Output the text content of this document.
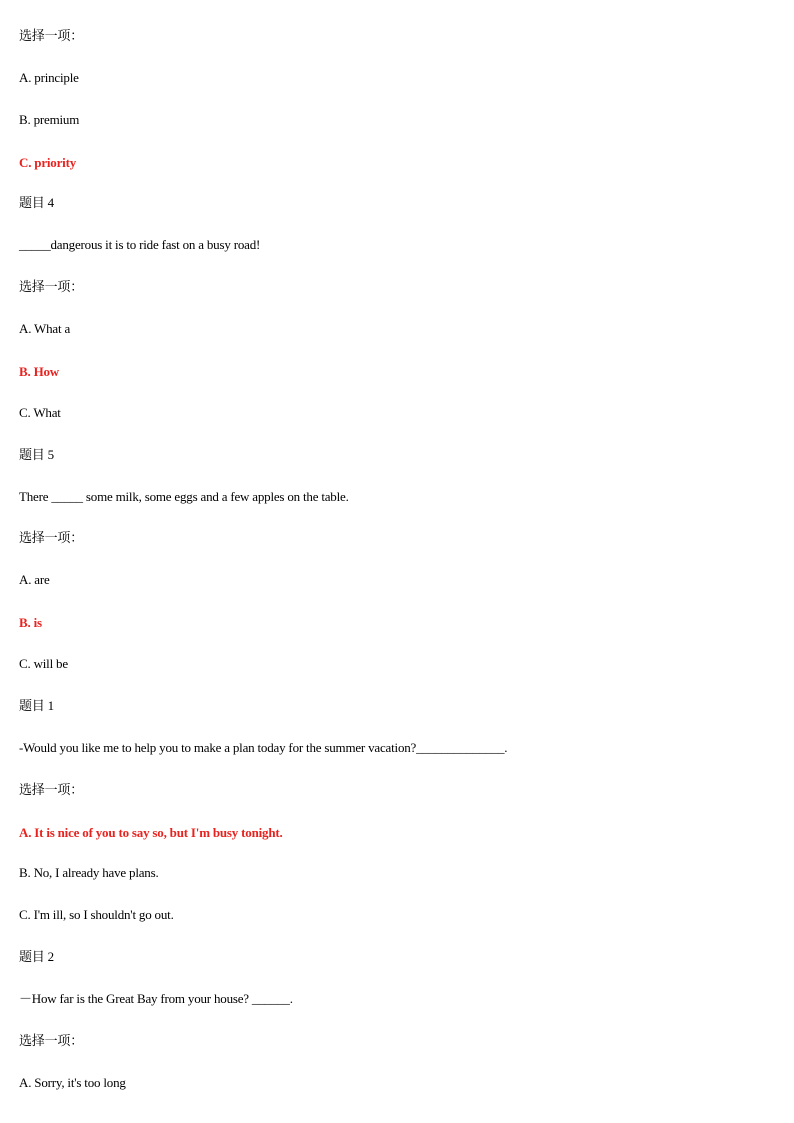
选择一项：
A. principle
B. premium
C. priority
题目 4
_____dangerous it is to ride fast on a busy road!
选择一项：
A. What a
B. How
C. What
题目 5
There _____ some milk, some eggs and a few apples on the table.
选择一项：
A. are
B. is
C. will be
题目 1
-Would you like me to help you to make a plan today for the summer vacation?______________.
选择一项：
A. It is nice of you to say so, but I'm busy tonight.
B. No, I already have plans.
C. I'm ill, so I shouldn't go out.
题目 2
－How far is the Great Bay from your house? ______.
选择一项：
A. Sorry, it's too long
